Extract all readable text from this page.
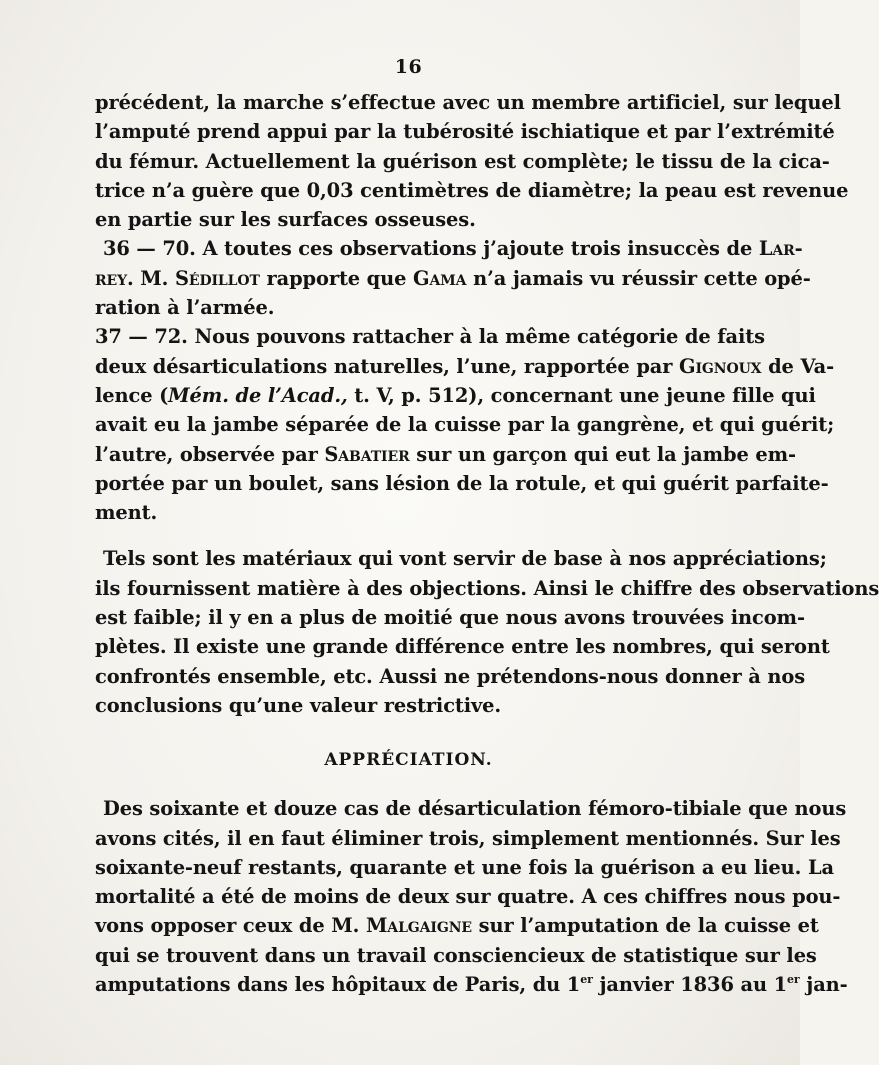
16
précédent, la marche s’effectue avec un membre artificiel, sur lequel
l’amputé prend appui par la tubérosité ischiatique et par l’extrémité
du fémur. Actuellement la guérison est complète; le tissu de la cica-
trice n’a guère que 0,03 centimètres de diamètre; la peau est revenue
en partie sur les surfaces osseuses.
36 — 70. A toutes ces observations j’ajoute trois insuccès de Lar-
rey. M. Sédillot rapporte que Gama n’a jamais vu réussir cette opé-
ration à l’armée.
37 — 72. Nous pouvons rattacher à la même catégorie de faits
deux désarticulations naturelles, l’une, rapportée par Gignoux de Va-
lence (Mém. de l’Acad., t. V, p. 512), concernant une jeune fille qui
avait eu la jambe séparée de la cuisse par la gangrène, et qui guérit;
l’autre, observée par Sabatier sur un garçon qui eut la jambe em-
portée par un boulet, sans lésion de la rotule, et qui guérit parfaite-
ment.
Tels sont les matériaux qui vont servir de base à nos appréciations;
ils fournissent matière à des objections. Ainsi le chiffre des observations
est faible; il y en a plus de moitié que nous avons trouvées incom-
plètes. Il existe une grande différence entre les nombres, qui seront
confrontés ensemble, etc. Aussi ne prétendons-nous donner à nos
conclusions qu’une valeur restrictive.
APPRÉCIATION.
Des soixante et douze cas de désarticulation fémoro-tibiale que nous
avons cités, il en faut éliminer trois, simplement mentionnés. Sur les
soixante-neuf restants, quarante et une fois la guérison a eu lieu. La
mortalité a été de moins de deux sur quatre. A ces chiffres nous pou-
vons opposer ceux de M. Malgaigne sur l’amputation de la cuisse et
qui se trouvent dans un travail consciencieux de statistique sur les
amputations dans les hôpitaux de Paris, du 1er janvier 1836 au 1er jan-
